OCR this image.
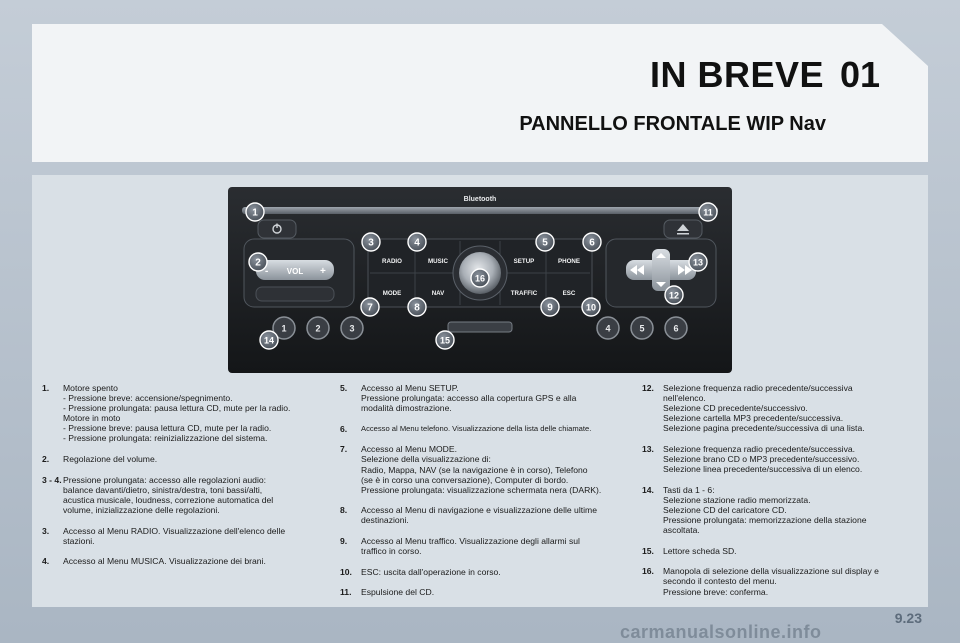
IN BREVE 01
PANNELLO FRONTALE WIP Nav
Bluetooth
- VOL +
RADIO	MUSIC	SETUP	PHONE
MODE	NAV	TRAFFIC	ESC
1	2	3	4	5	6
1
2
3	4	5	6
7	8	9	10
11
12
13
14	15
16
1. Motore spento
- Pressione breve: accensione/spegnimento.
- Pressione prolungata: pausa lettura CD, mute per la radio.
Motore in moto
- Pressione breve: pausa lettura CD, mute per la radio.
- Pressione prolungata: reinizializzazione del sistema.
2. Regolazione del volume.
3 - 4. Pressione prolungata: accesso alle regolazioni audio:
balance davanti/dietro, sinistra/destra, toni bassi/alti,
acustica musicale, loudness, correzione automatica del
volume, inizializzazione delle regolazioni.
3. Accesso al Menu RADIO. Visualizzazione dell'elenco delle
stazioni.
4. Accesso al Menu MUSICA. Visualizzazione dei brani.
5. Accesso al Menu SETUP.
Pressione prolungata: accesso alla copertura GPS e alla
modalità dimostrazione.
6. Accesso al Menu telefono. Visualizzazione della lista delle chiamate.
7. Accesso al Menu MODE.
Selezione della visualizzazione di:
Radio, Mappa, NAV (se la navigazione è in corso), Telefono
(se è in corso una conversazione), Computer di bordo.
Pressione prolungata: visualizzazione schermata nera (DARK).
8. Accesso al Menu di navigazione e visualizzazione delle ultime
destinazioni.
9. Accesso al Menu traffico. Visualizzazione degli allarmi sul
traffico in corso.
10. ESC: uscita dall'operazione in corso.
11. Espulsione del CD.
12. Selezione frequenza radio precedente/successiva
nell'elenco.
Selezione CD precedente/successivo.
Selezione cartella MP3 precedente/successiva.
Selezione pagina precedente/successiva di una lista.
13. Selezione frequenza radio precedente/successiva.
Selezione brano CD o MP3 precedente/successivo.
Selezione linea precedente/successiva di un elenco.
14. Tasti da 1 - 6:
Selezione stazione radio memorizzata.
Selezione CD del caricatore CD.
Pressione prolungata: memorizzazione della stazione
ascoltata.
15. Lettore scheda SD.
16. Manopola di selezione della visualizzazione sul display e
secondo il contesto del menu.
Pressione breve: conferma.
9.23
carmanualsonline.info
